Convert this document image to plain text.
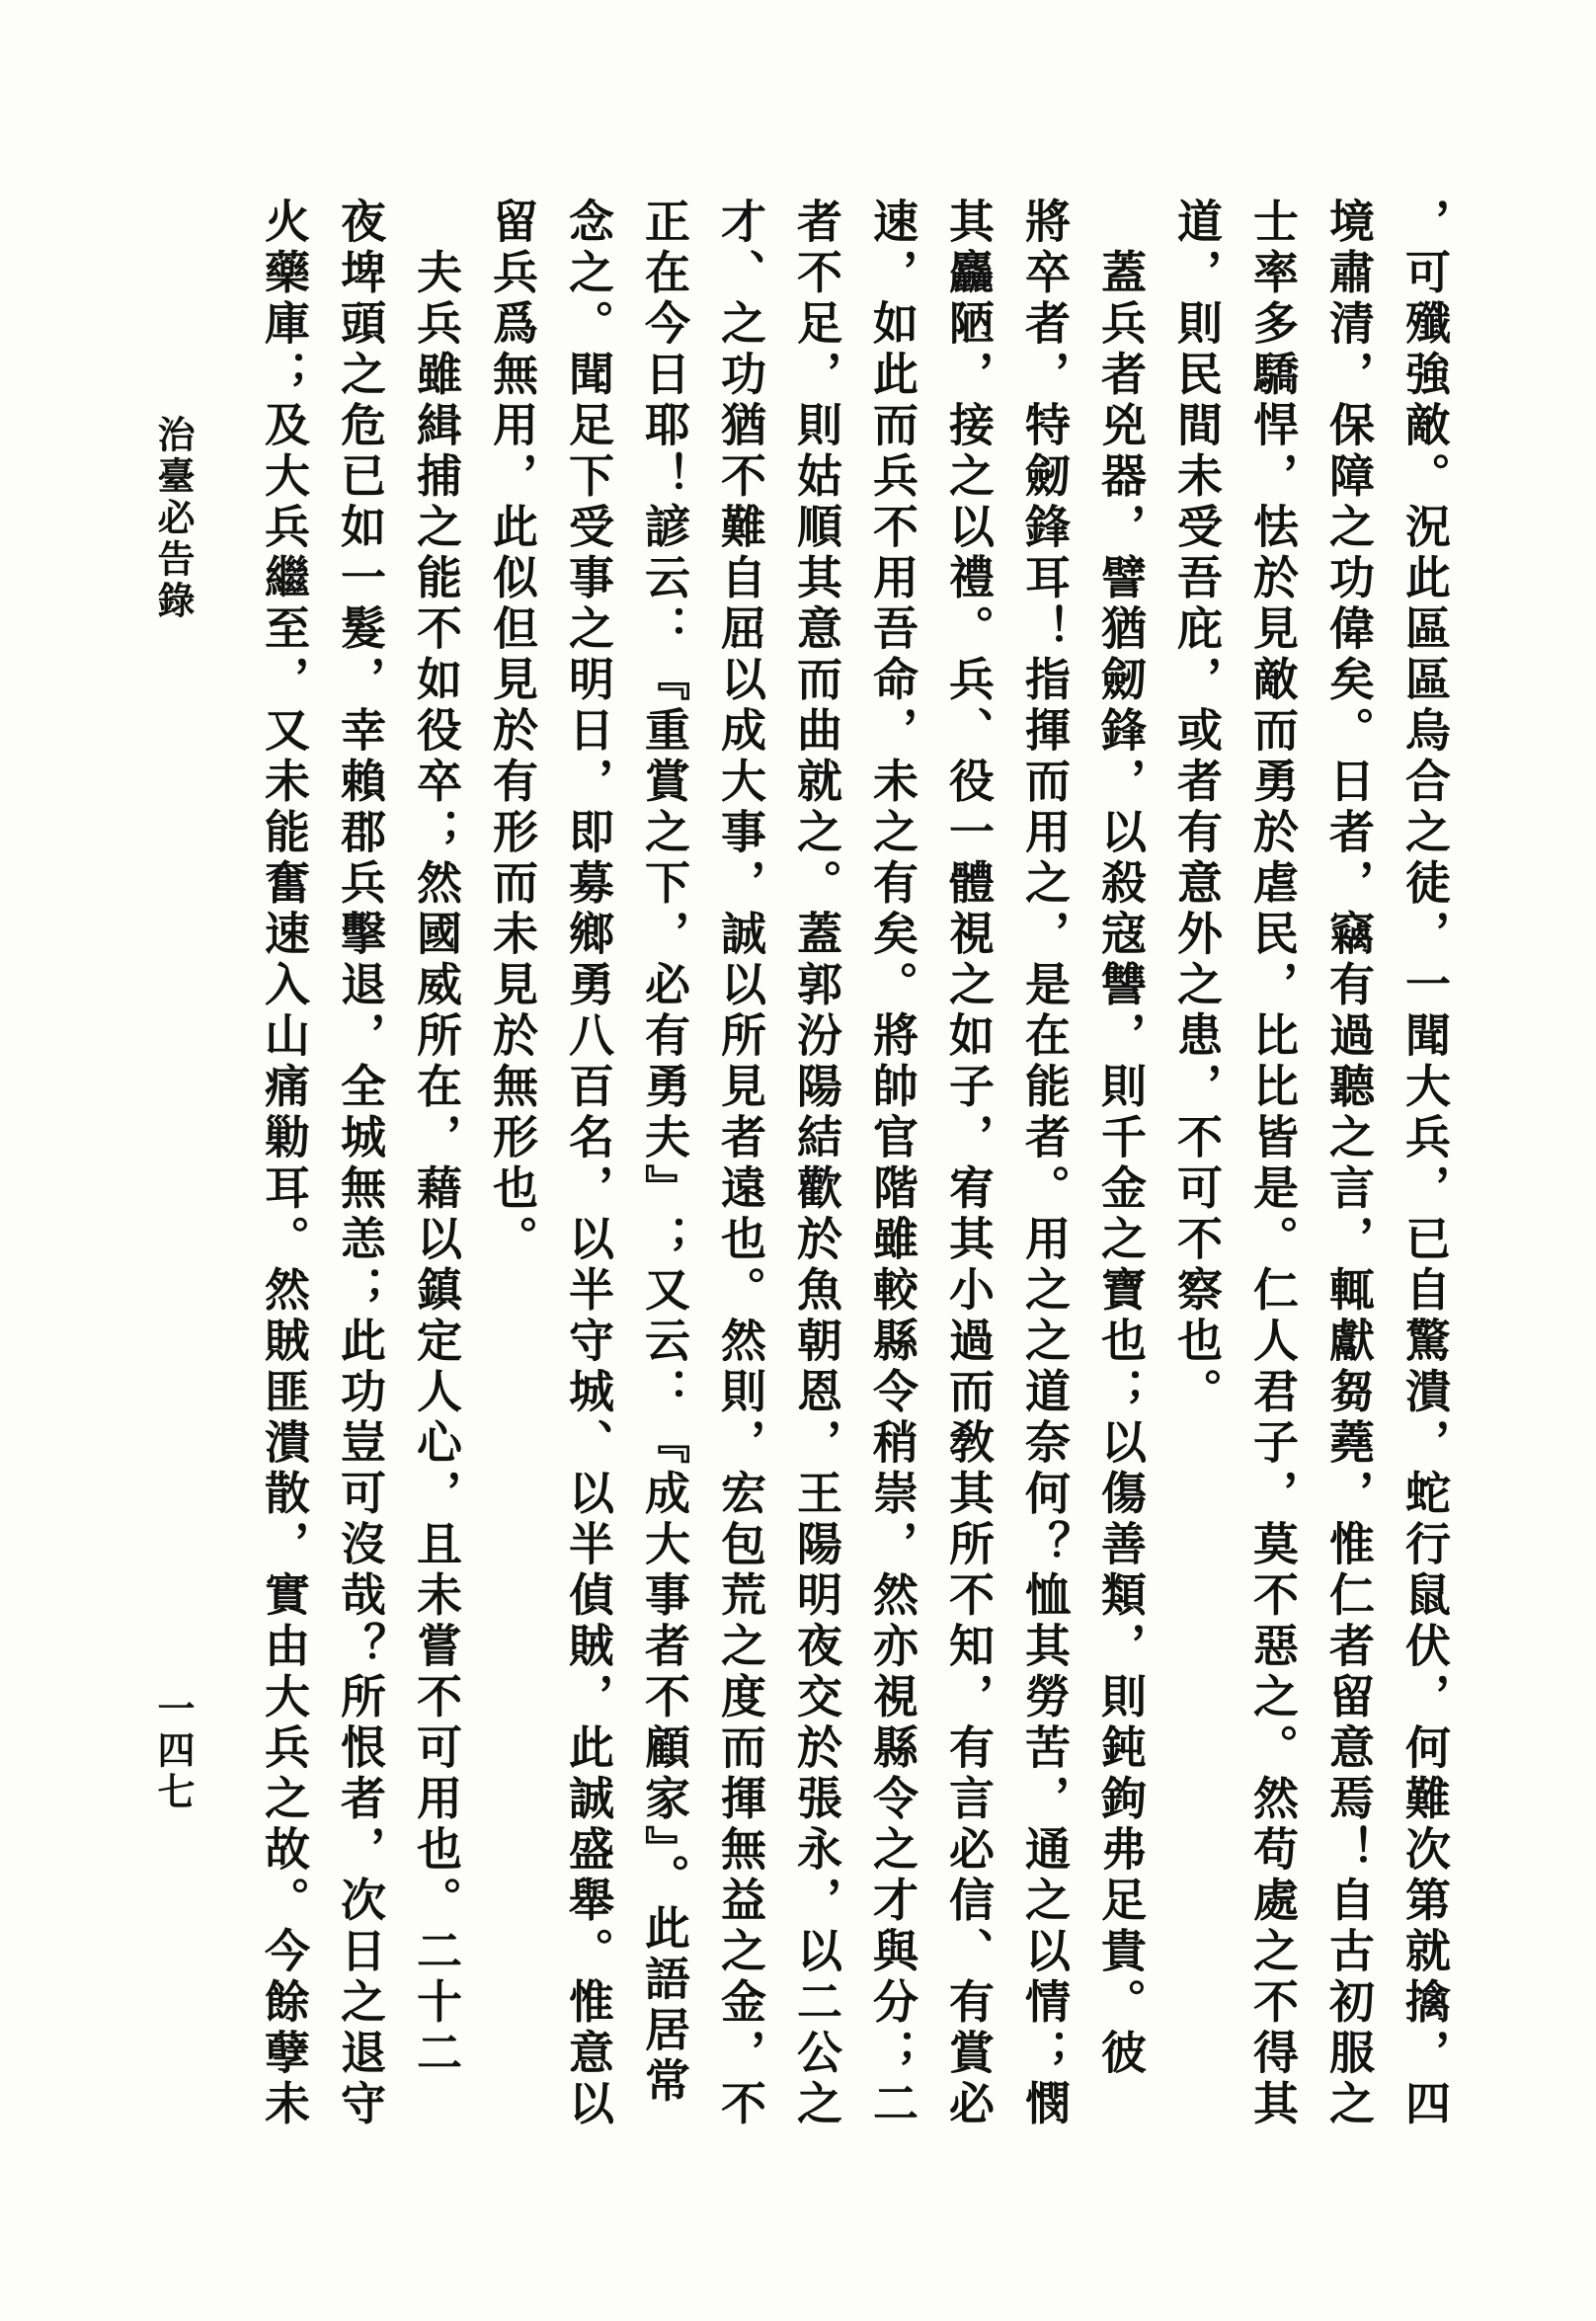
治臺必告錄
一四七	，可殲強敵。況此區區烏合之徒，一聞大兵，已自驚潰，蛇行鼠伏，何難次第就擒，四
境肅清，保障之功偉矣。日者，竊有過聽之言，輒獻芻蕘，惟仁者留意焉！自古初服之
士率多驕悍，怯於見敵而勇於虐民，比比皆是。仁人君子，莫不惡之。然苟處之不得其
道，則民間未受吾庇，或者有意外之患，不可不察也。
　蓋兵者兇器，譬猶劒鋒，以殺寇讐，則千金之寶也；以傷善類，則鈍鉤弗足貴。彼
將卒者，特劒鋒耳！指揮而用之，是在能者。用之之道奈何？恤其勞苦，通之以情；憫
其麤陋，接之以禮。兵、役一體視之如子，宥其小過而敎其所不知，有言必信、有賞必
速，如此而兵不用吾命，未之有矣。將帥官階雖較縣令稍崇，然亦視縣令之才與分；二
者不足，則姑順其意而曲就之。蓋郭汾陽結歡於魚朝恩，王陽明夜交於張永，以二公之
才、之功猶不難自屈以成大事，誠以所見者遠也。然則，宏包荒之度而揮無益之金，不
正在今日耶！諺云：『重賞之下，必有勇夫』；又云：『成大事者不顧家』。此語居常
念之。聞足下受事之明日，即募鄉勇八百名，以半守城、以半偵賊，此誠盛舉。惟意以
留兵爲無用，此似但見於有形而未見於無形也。
　夫兵雖緝捕之能不如役卒；然國威所在，藉以鎮定人心，且未嘗不可用也。二十二
夜埤頭之危已如一髮，幸賴郡兵擊退，全城無恙；此功豈可沒哉？所恨者，次日之退守
火藥庫；及大兵繼至，又未能奮速入山痛勦耳。然賊匪潰散，實由大兵之故。今餘孽未
